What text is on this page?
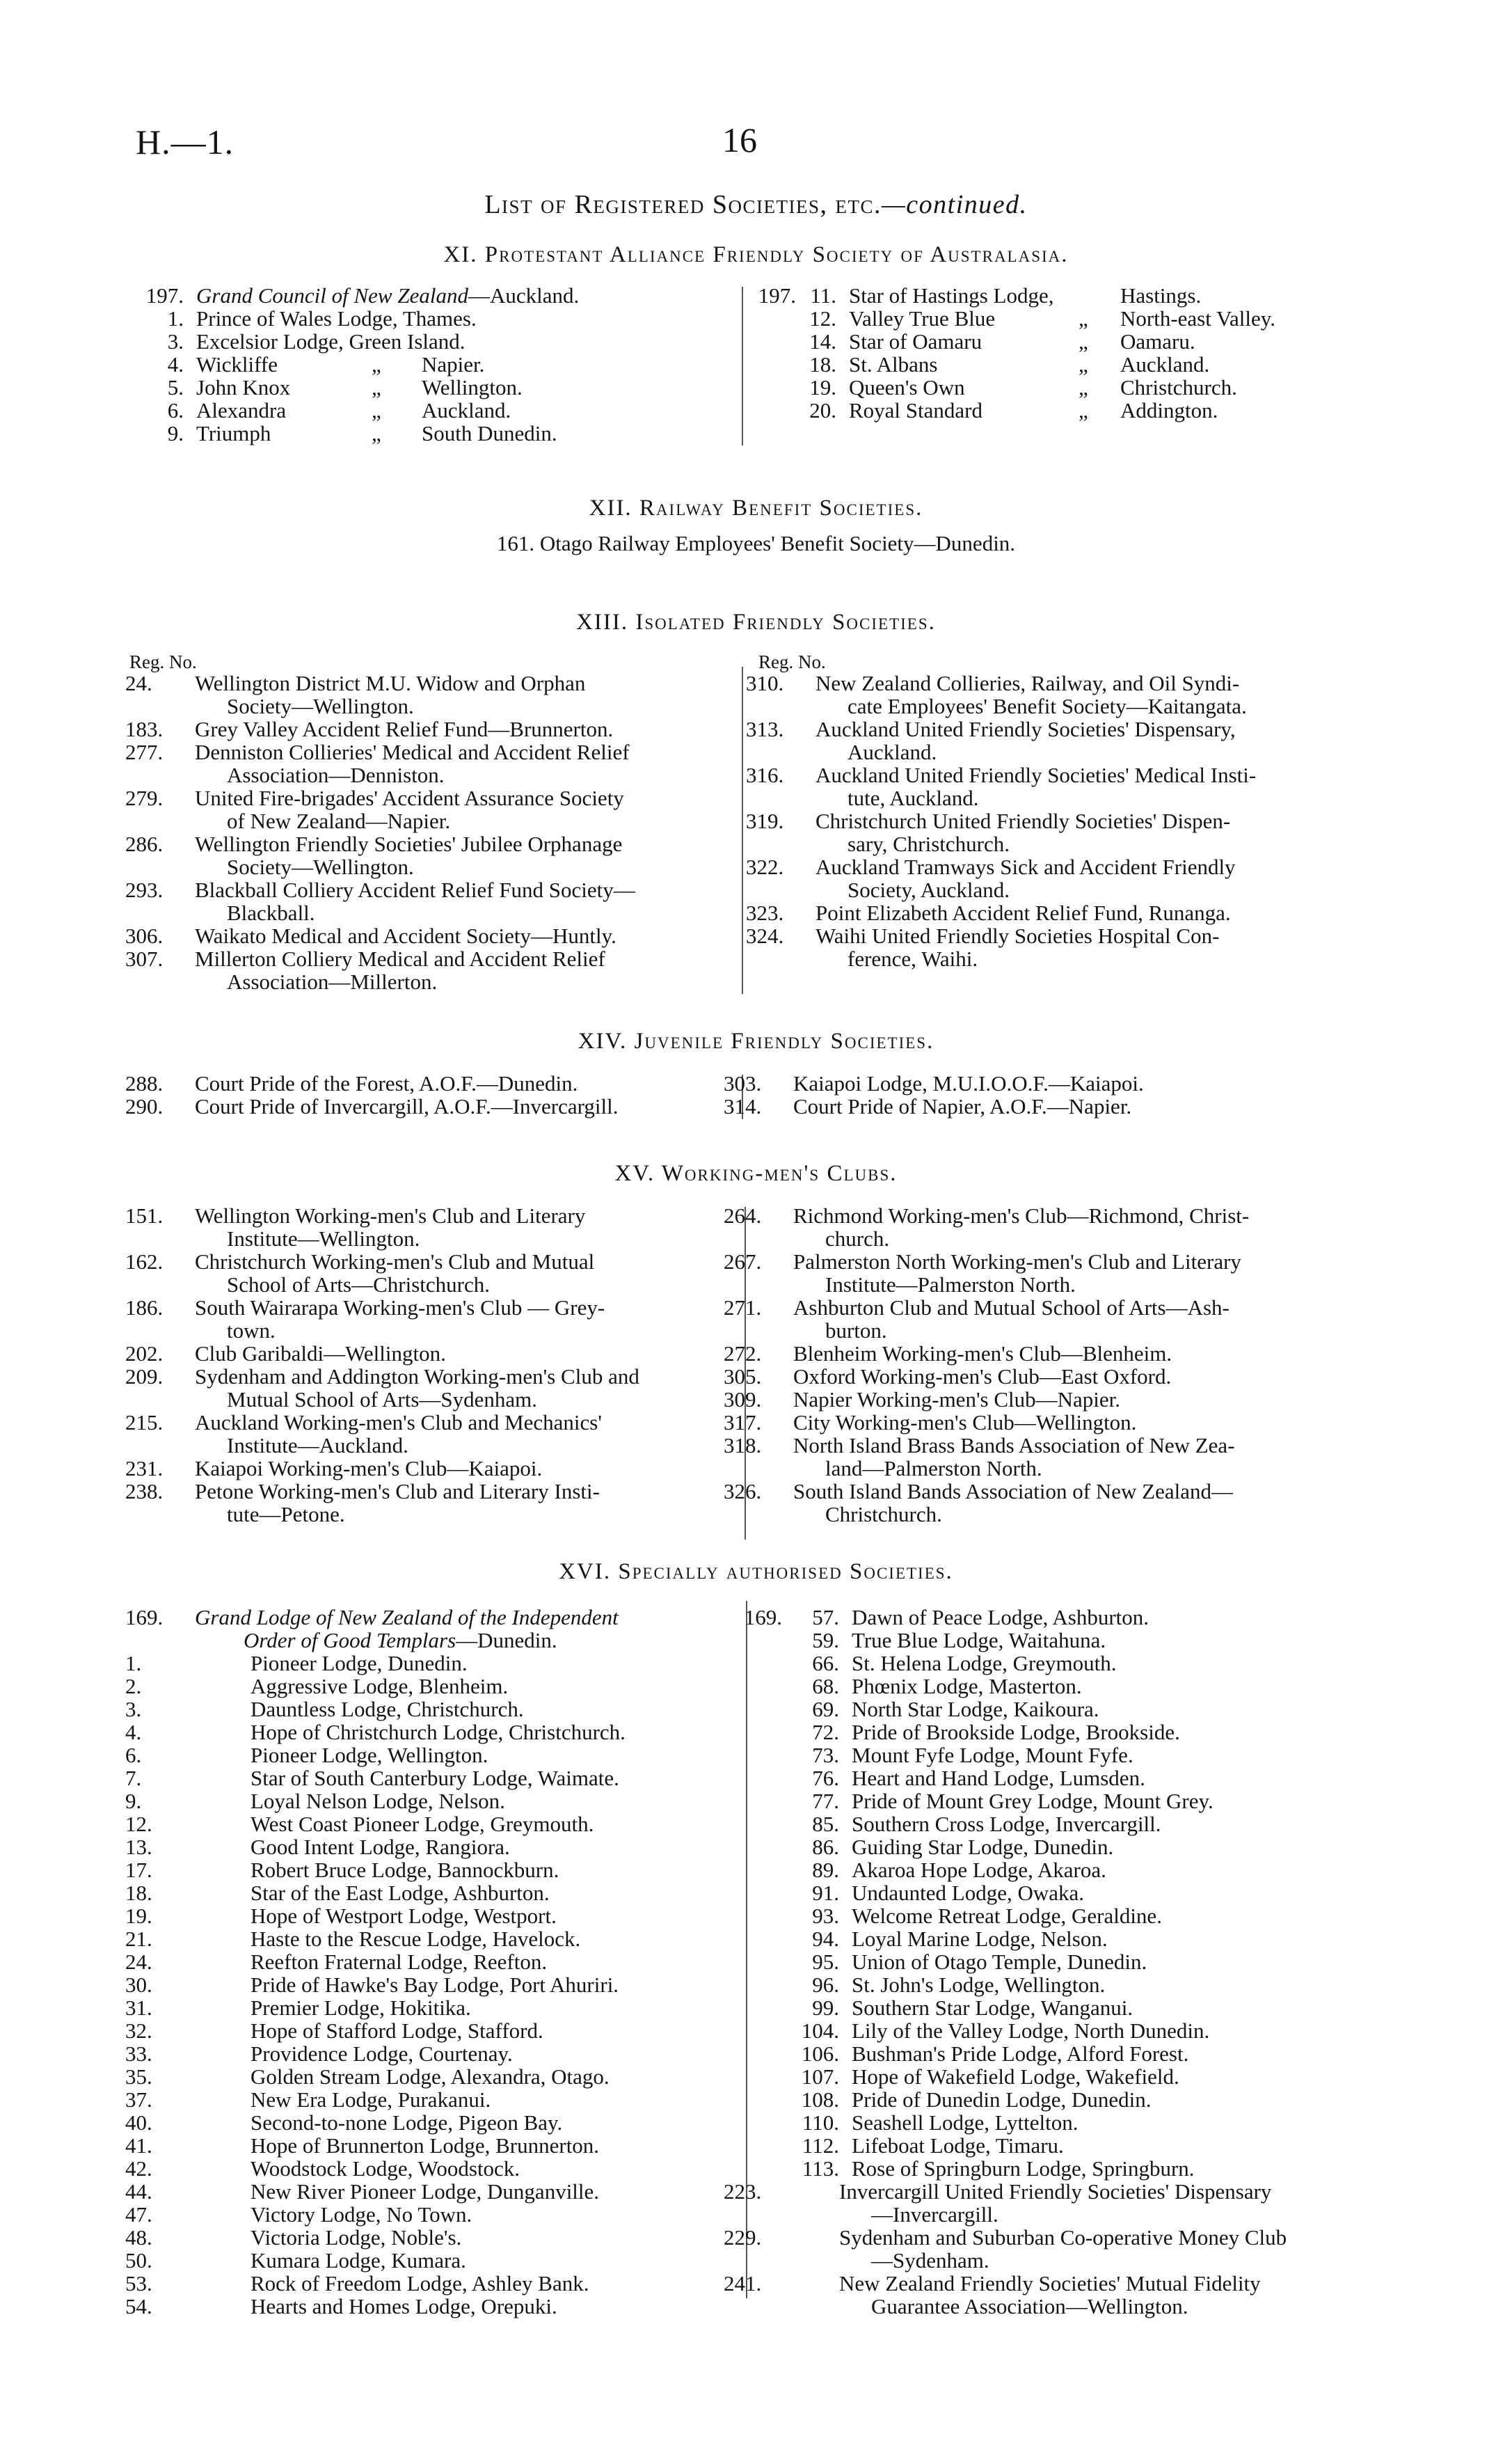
H.—1.	16
List of Registered Societies, etc.—continued.
XI. Protestant Alliance Friendly Society of Australasia.
197. Grand Council of New Zealand—Auckland.
1. Prince of Wales Lodge, Thames.
3. Excelsior Lodge, Green Island.
4. Wickliffe	„	Napier.
5. John Knox	„	Wellington.
6. Alexandra	„	Auckland.
9. Triumph	„	South Dunedin.
197. 11. Star of Hastings Lodge,	Hastings.
12. Valley True Blue	„	North-east Valley.
14. Star of Oamaru	„	Oamaru.
18. St. Albans	„	Auckland.
19. Queen's Own	„	Christchurch.
20. Royal Standard	„	Addington.
XII. Railway Benefit Societies.
161. Otago Railway Employees' Benefit Society—Dunedin.
XIII. Isolated Friendly Societies.
Reg. No.
24.	Wellington District M.U. Widow and Orphan
Society—Wellington.
183.	Grey Valley Accident Relief Fund—Brunnerton.
277.	Denniston Collieries' Medical and Accident Relief
Association—Denniston.
279.	United Fire-brigades' Accident Assurance Society
of New Zealand—Napier.
286.	Wellington Friendly Societies' Jubilee Orphanage
Society—Wellington.
293.	Blackball Colliery Accident Relief Fund Society—
Blackball.
306.	Waikato Medical and Accident Society—Huntly.
307.	Millerton Colliery Medical and Accident Relief
Association—Millerton.
Reg. No.
310.	New Zealand Collieries, Railway, and Oil Syndi-
cate Employees' Benefit Society—Kaitangata.
313.	Auckland United Friendly Societies' Dispensary,
Auckland.
316.	Auckland United Friendly Societies' Medical Insti-
tute, Auckland.
319.	Christchurch United Friendly Societies' Dispen-
sary, Christchurch.
322.	Auckland Tramways Sick and Accident Friendly
Society, Auckland.
323.	Point Elizabeth Accident Relief Fund, Runanga.
324.	Waihi United Friendly Societies Hospital Con-
ference, Waihi.
XIV. Juvenile Friendly Societies.
288.	Court Pride of the Forest, A.O.F.—Dunedin.
290.	Court Pride of Invercargill, A.O.F.—Invercargill.
303.	Kaiapoi Lodge, M.U.I.O.O.F.—Kaiapoi.
314.	Court Pride of Napier, A.O.F.—Napier.
XV. Working-men's Clubs.
151.	Wellington Working-men's Club and Literary
Institute—Wellington.
162.	Christchurch Working-men's Club and Mutual
School of Arts—Christchurch.
186.	South Wairarapa Working-men's Club — Grey-
town.
202.	Club Garibaldi—Wellington.
209.	Sydenham and Addington Working-men's Club and
Mutual School of Arts—Sydenham.
215.	Auckland Working-men's Club and Mechanics'
Institute—Auckland.
231.	Kaiapoi Working-men's Club—Kaiapoi.
238.	Petone Working-men's Club and Literary Insti-
tute—Petone.
264.	Richmond Working-men's Club—Richmond, Christ-
church.
267.	Palmerston North Working-men's Club and Literary
Institute—Palmerston North.
271.	Ashburton Club and Mutual School of Arts—Ash-
burton.
272.	Blenheim Working-men's Club—Blenheim.
305.	Oxford Working-men's Club—East Oxford.
309.	Napier Working-men's Club—Napier.
317.	City Working-men's Club—Wellington.
318.	North Island Brass Bands Association of New Zea-
land—Palmerston North.
326.	South Island Bands Association of New Zealand—
Christchurch.
XVI. Specially authorised Societies.
169.	Grand Lodge of New Zealand of the Independent
Order of Good Templars—Dunedin.
1.	Pioneer Lodge, Dunedin.
2.	Aggressive Lodge, Blenheim.
3.	Dauntless Lodge, Christchurch.
4.	Hope of Christchurch Lodge, Christchurch.
6.	Pioneer Lodge, Wellington.
7.	Star of South Canterbury Lodge, Waimate.
9.	Loyal Nelson Lodge, Nelson.
12.	West Coast Pioneer Lodge, Greymouth.
13.	Good Intent Lodge, Rangiora.
17.	Robert Bruce Lodge, Bannockburn.
18.	Star of the East Lodge, Ashburton.
19.	Hope of Westport Lodge, Westport.
21.	Haste to the Rescue Lodge, Havelock.
24.	Reefton Fraternal Lodge, Reefton.
30.	Pride of Hawke's Bay Lodge, Port Ahuriri.
31.	Premier Lodge, Hokitika.
32.	Hope of Stafford Lodge, Stafford.
33.	Providence Lodge, Courtenay.
35.	Golden Stream Lodge, Alexandra, Otago.
37.	New Era Lodge, Purakanui.
40.	Second-to-none Lodge, Pigeon Bay.
41.	Hope of Brunnerton Lodge, Brunnerton.
42.	Woodstock Lodge, Woodstock.
44.	New River Pioneer Lodge, Dunganville.
47.	Victory Lodge, No Town.
48.	Victoria Lodge, Noble's.
50.	Kumara Lodge, Kumara.
53.	Rock of Freedom Lodge, Ashley Bank.
54.	Hearts and Homes Lodge, Orepuki.
169.	57. Dawn of Peace Lodge, Ashburton.
59. True Blue Lodge, Waitahuna.
66. St. Helena Lodge, Greymouth.
68. Phœnix Lodge, Masterton.
69. North Star Lodge, Kaikoura.
72. Pride of Brookside Lodge, Brookside.
73. Mount Fyfe Lodge, Mount Fyfe.
76. Heart and Hand Lodge, Lumsden.
77. Pride of Mount Grey Lodge, Mount Grey.
85. Southern Cross Lodge, Invercargill.
86. Guiding Star Lodge, Dunedin.
89. Akaroa Hope Lodge, Akaroa.
91. Undaunted Lodge, Owaka.
93. Welcome Retreat Lodge, Geraldine.
94. Loyal Marine Lodge, Nelson.
95. Union of Otago Temple, Dunedin.
96. St. John's Lodge, Wellington.
99. Southern Star Lodge, Wanganui.
104. Lily of the Valley Lodge, North Dunedin.
106. Bushman's Pride Lodge, Alford Forest.
107. Hope of Wakefield Lodge, Wakefield.
108. Pride of Dunedin Lodge, Dunedin.
110. Seashell Lodge, Lyttelton.
112. Lifeboat Lodge, Timaru.
113. Rose of Springburn Lodge, Springburn.
223.	Invercargill United Friendly Societies' Dispensary
—Invercargill.
229.	Sydenham and Suburban Co-operative Money Club
—Sydenham.
241.	New Zealand Friendly Societies' Mutual Fidelity
Guarantee Association—Wellington.
